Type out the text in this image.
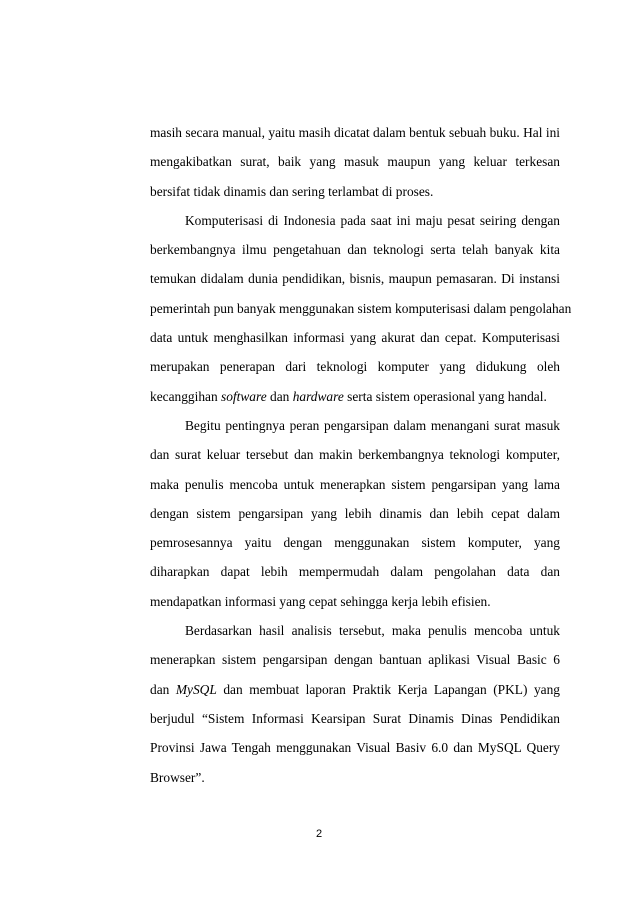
masih secara manual, yaitu masih dicatat dalam bentuk sebuah buku. Hal ini
mengakibatkan surat, baik yang masuk maupun yang keluar terkesan
bersifat tidak dinamis dan sering terlambat di proses.
Komputerisasi di Indonesia pada saat ini maju pesat seiring dengan
berkembangnya ilmu pengetahuan dan teknologi serta telah banyak kita
temukan didalam dunia pendidikan, bisnis, maupun pemasaran. Di instansi
pemerintah pun banyak menggunakan sistem komputerisasi dalam pengolahan
data untuk menghasilkan informasi yang akurat dan cepat. Komputerisasi
merupakan penerapan dari teknologi komputer yang didukung oleh
kecanggihan software dan hardware serta sistem operasional yang handal.
Begitu pentingnya peran pengarsipan dalam menangani surat masuk
dan surat keluar tersebut dan makin berkembangnya teknologi komputer,
maka penulis mencoba untuk menerapkan sistem pengarsipan yang lama
dengan sistem pengarsipan yang lebih dinamis dan lebih cepat dalam
pemrosesannya yaitu dengan menggunakan sistem komputer, yang
diharapkan dapat lebih mempermudah dalam pengolahan data dan
mendapatkan informasi yang cepat sehingga kerja lebih efisien.
Berdasarkan hasil analisis tersebut, maka penulis mencoba untuk
menerapkan sistem pengarsipan dengan bantuan aplikasi Visual Basic 6
dan MySQL dan membuat laporan Praktik Kerja Lapangan (PKL) yang
berjudul “Sistem Informasi Kearsipan Surat Dinamis Dinas Pendidikan
Provinsi Jawa Tengah menggunakan Visual Basiv 6.0 dan MySQL Query
Browser”.
2
